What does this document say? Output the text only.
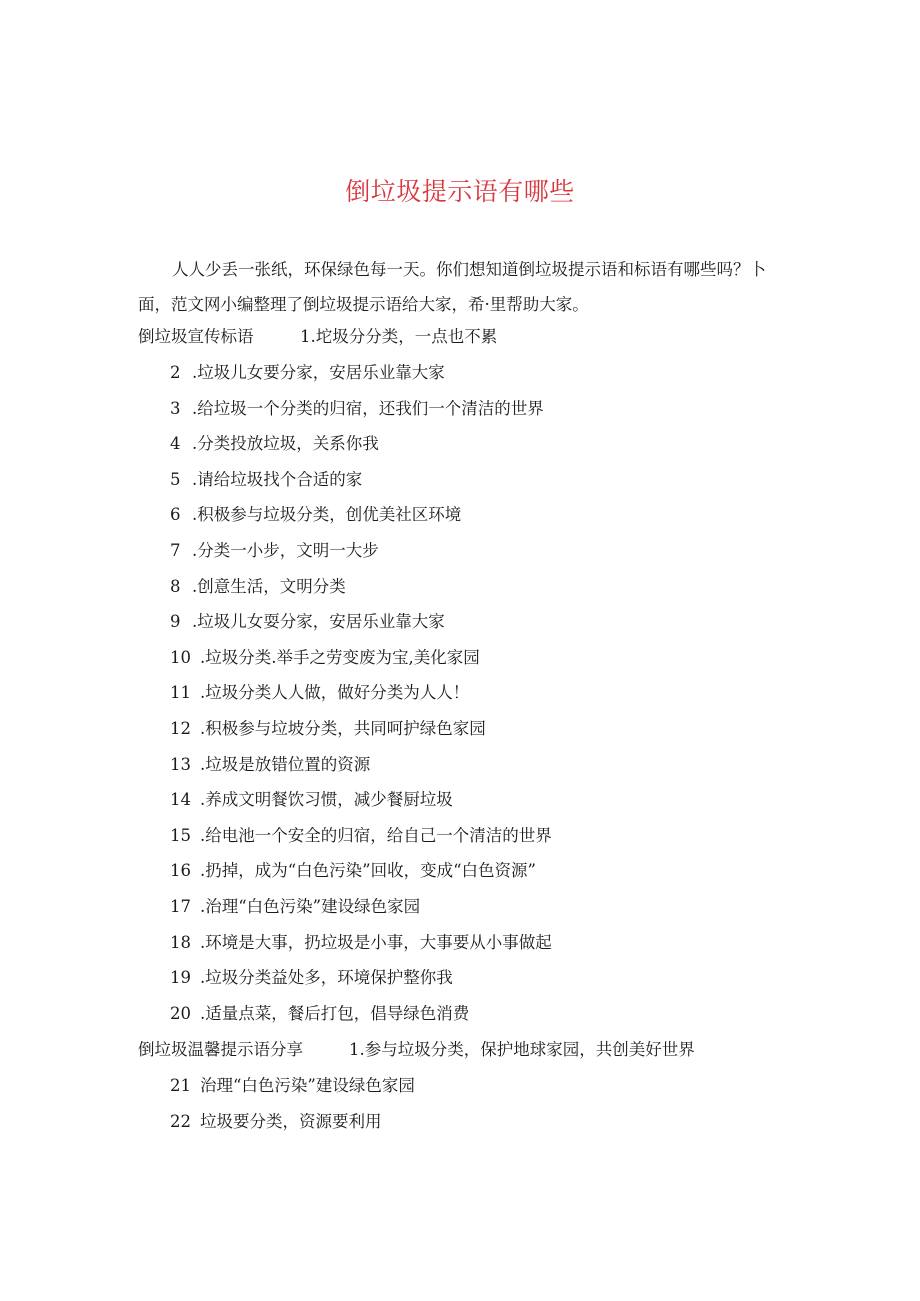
倒垃圾提示语有哪些
人人少丢一张纸，环保绿色每一天。你们想知道倒垃圾提示语和标语有哪些吗？卜面，范文网小编整理了倒垃圾提示语给大家，希·里帮助大家。
倒垃圾宣传标语	1.坨圾分分类，一点也不累
2 .垃圾儿女要分家，安居乐业靠大家
3 .给垃圾一个分类的归宿，还我们一个清洁的世界
4 .分类投放垃圾，关系你我
5 .请给垃圾找个合适的家
6 .积极参与垃圾分类，创优美社区环境
7 .分类一小步，文明一大步
8 .创意生活，文明分类
9 .垃圾儿女耍分家，安居乐业靠大家
10 .垃圾分类.举手之劳变废为宝,美化家园
11 .垃圾分类人人做，做好分类为人人！
12 .积极参与垃坡分类，共同呵护绿色家园
13 .垃圾是放错位置的资源
14 .养成文明餐饮习惯，减少餐厨垃圾
15 .给电池一个安全的归宿，给自己一个清洁的世界
16 .扔掉，成为“白色污染”回收，变成“白色资源”
17 .治理“白色污染”建设绿色家园
18 .环境是大事，扔垃圾是小事，大事要从小事做起
19 .垃圾分类益处多，环境保护整你我
20 .适量点菜，餐后打包，倡导绿色消费
倒垃圾温馨提示语分享	1.参与垃圾分类，保护地球家园，共创美好世界
21 治理“白色污染”建设绿色家园
22 垃圾要分类，资源要利用
